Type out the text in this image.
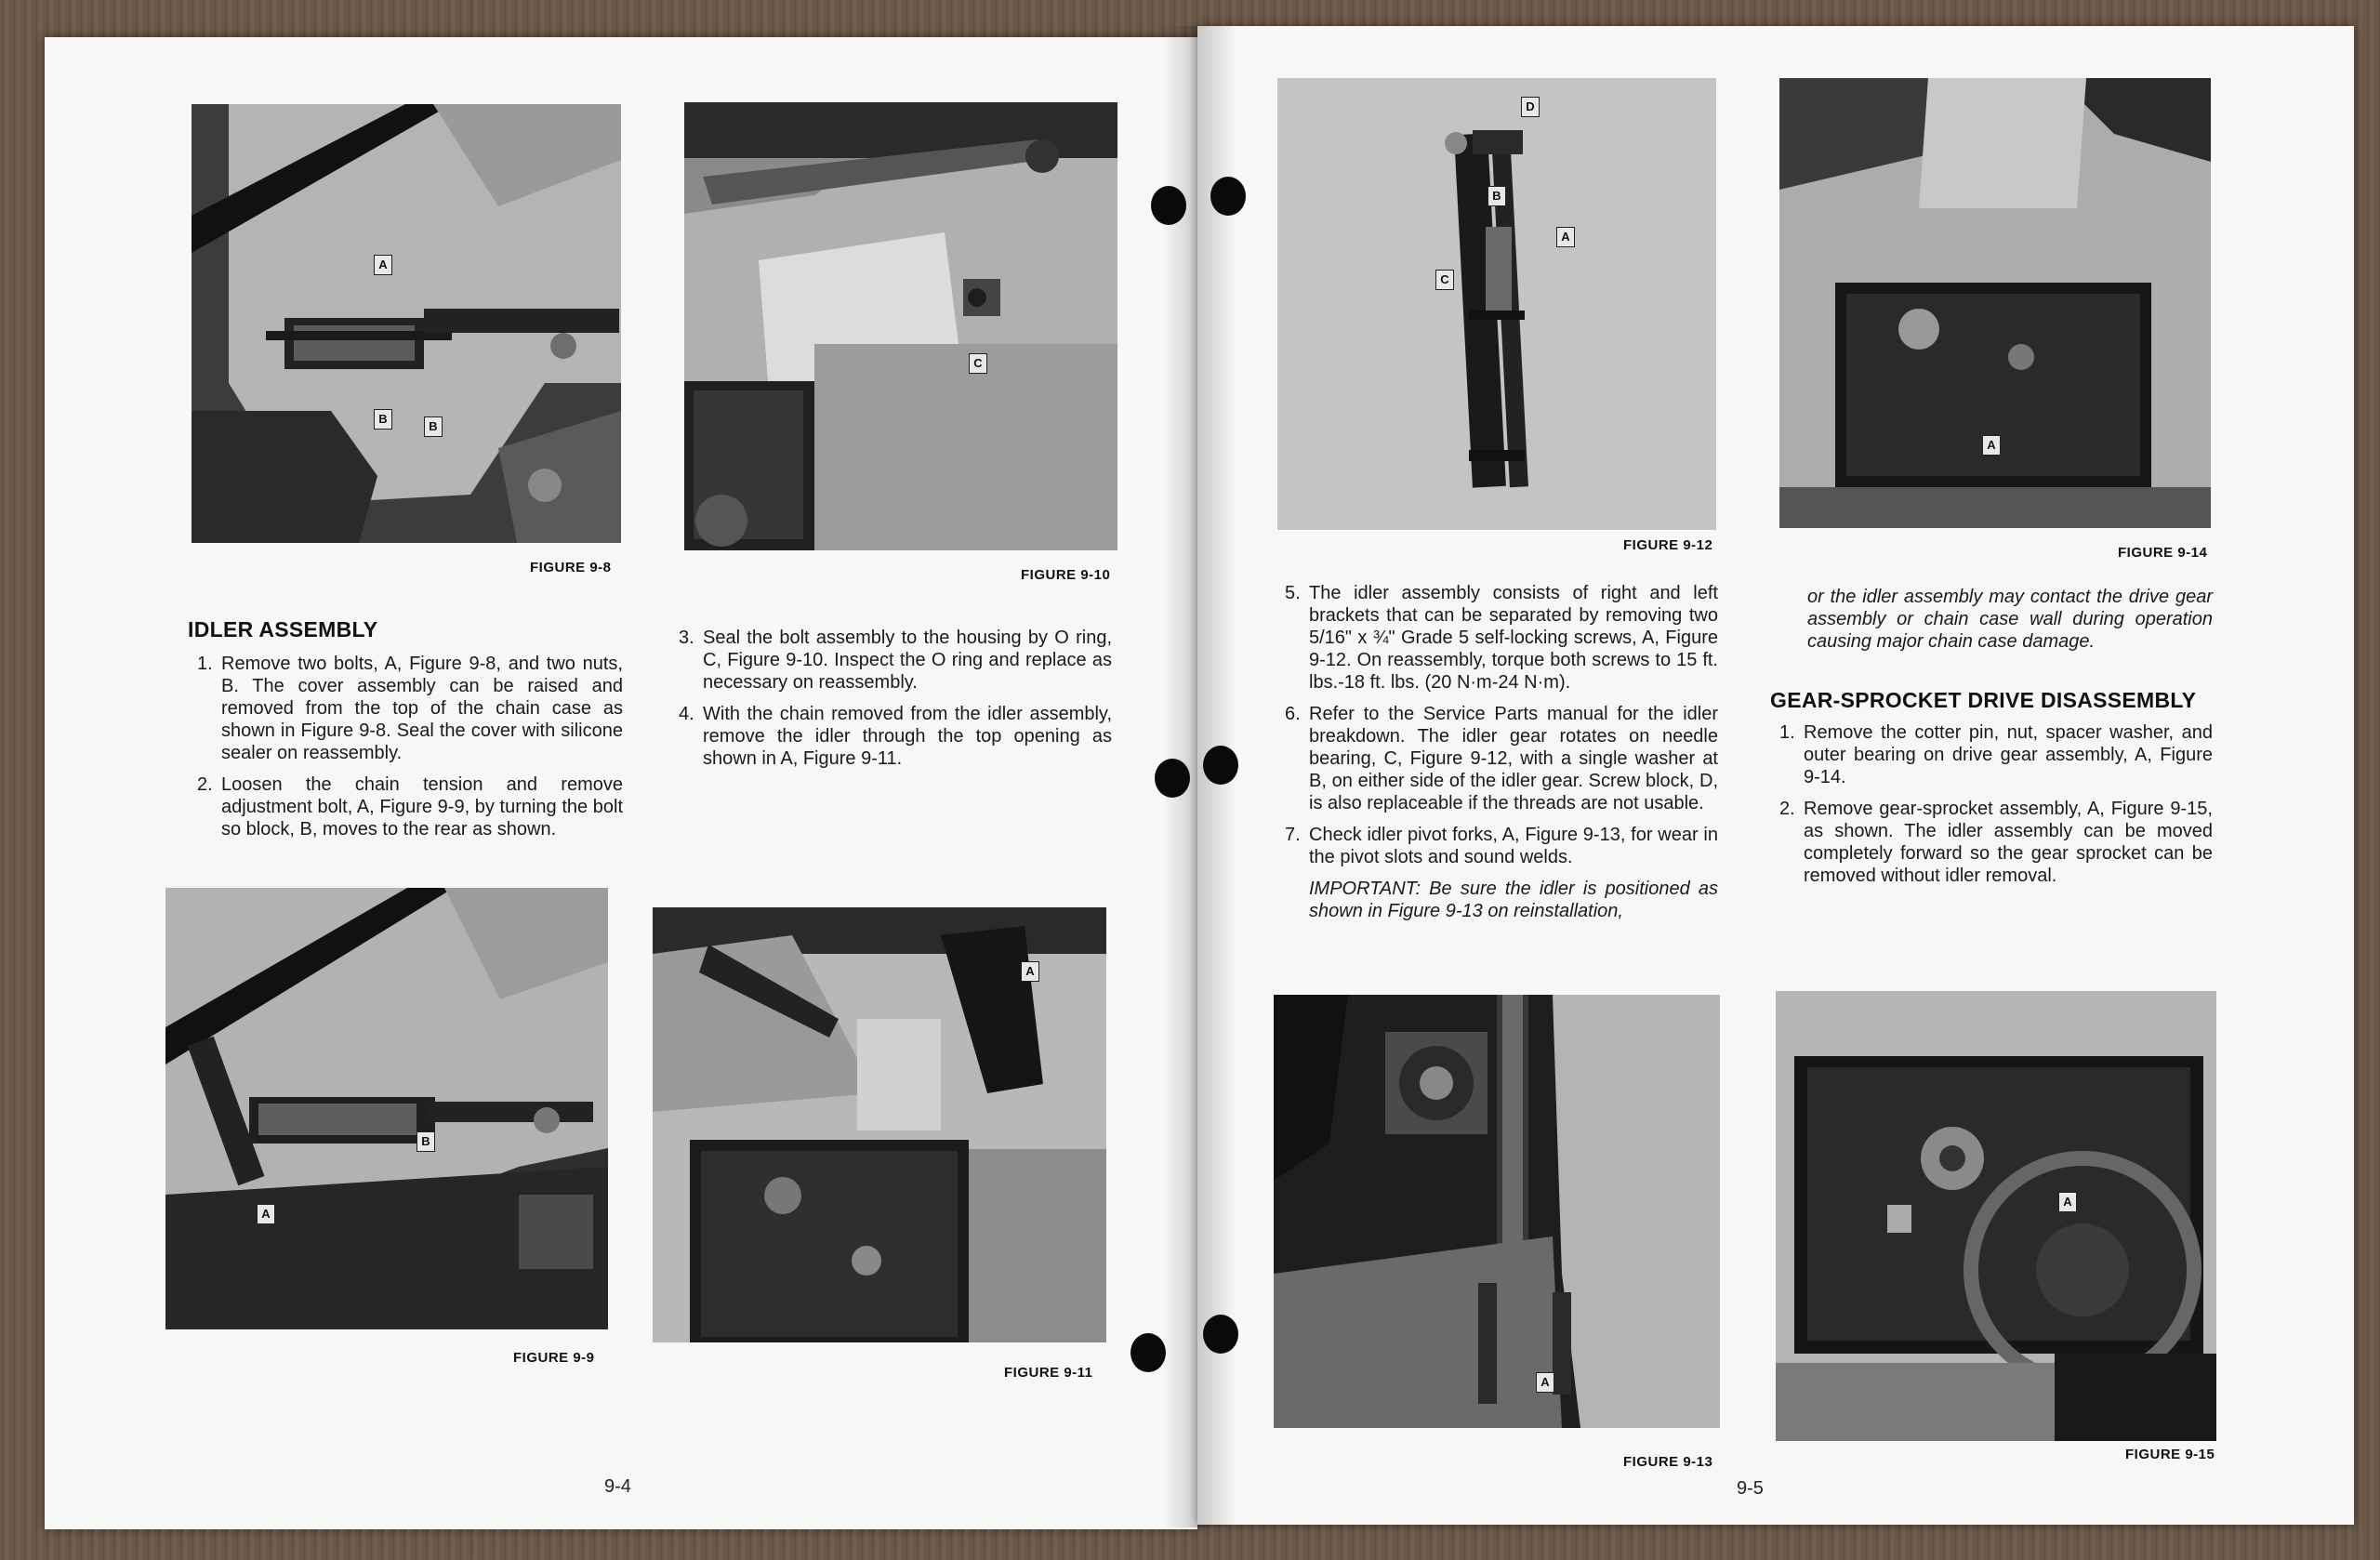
A
B
B
FIGURE 9-8
C
FIGURE 9-10
IDLER ASSEMBLY
1. Remove two bolts, A, Figure 9-8, and two nuts, B. The cover assembly can be raised and removed from the top of the chain case as shown in Figure 9-8. Seal the cover with silicone sealer on reassembly.
2. Loosen the chain tension and remove adjustment bolt, A, Figure 9-9, by turning the bolt so block, B, moves to the rear as shown.
3. Seal the bolt assembly to the housing by O ring, C, Figure 9-10. Inspect the O ring and replace as necessary on reassembly.
4. With the chain removed from the idler assembly, remove the idler through the top opening as shown in A, Figure 9-11.
A
B
FIGURE 9-9
A
FIGURE 9-11
9-4
D
B
A
C
FIGURE 9-12
A
FIGURE 9-14
5. The idler assembly consists of right and left brackets that can be separated by removing two 5/16" x ¾" Grade 5 self-locking screws, A, Figure 9-12. On reassembly, torque both screws to 15 ft. lbs.-18 ft. lbs. (20 N·m-24 N·m).
6. Refer to the Service Parts manual for the idler breakdown. The idler gear rotates on needle bearing, C, Figure 9-12, with a single washer at B, on either side of the idler gear. Screw block, D, is also replaceable if the threads are not usable.
7. Check idler pivot forks, A, Figure 9-13, for wear in the pivot slots and sound welds.
IMPORTANT: Be sure the idler is positioned as shown in Figure 9-13 on reinstallation,
or the idler assembly may contact the drive gear assembly or chain case wall during operation causing major chain case damage.
GEAR-SPROCKET DRIVE DISASSEMBLY
1. Remove the cotter pin, nut, spacer washer, and outer bearing on drive gear assembly, A, Figure 9-14.
2. Remove gear-sprocket assembly, A, Figure 9-15, as shown. The idler assembly can be moved completely forward so the gear sprocket can be removed without idler removal.
A
FIGURE 9-13
A
FIGURE 9-15
9-5
